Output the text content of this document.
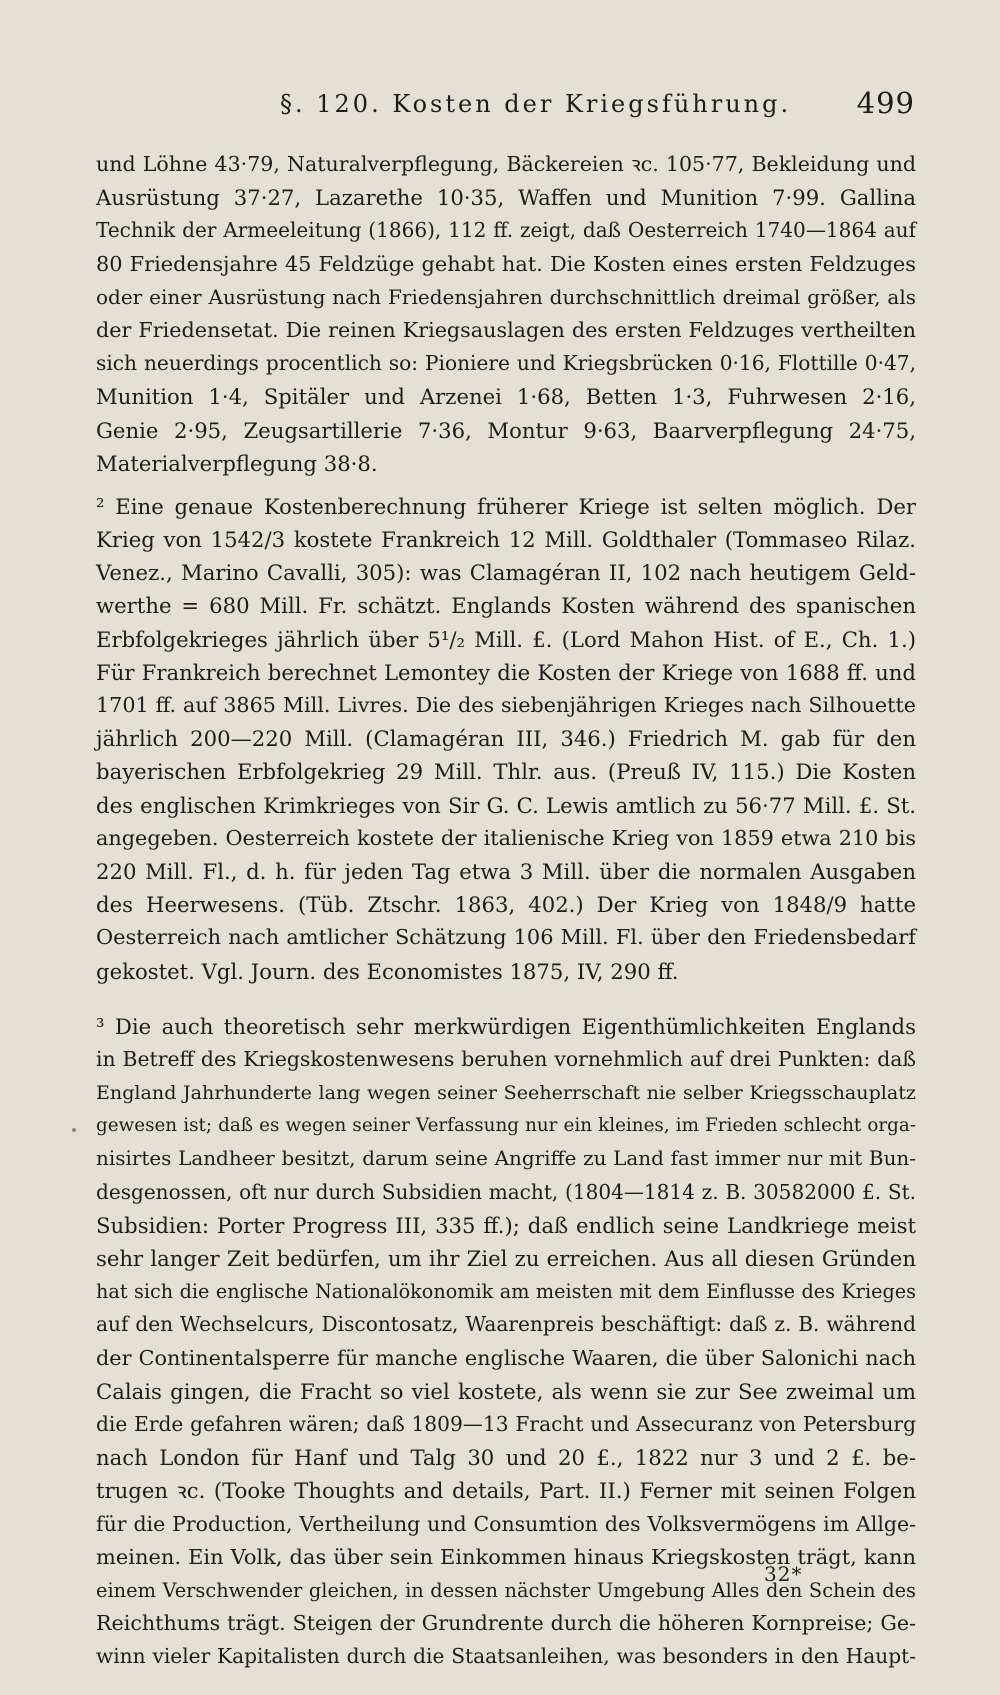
§. 120. Kosten der Kriegsführung. 499
und Löhne 43·79, Naturalverpflegung, Bäckereien ꝛc. 105·77, Bekleidung und
Ausrüstung 37·27, Lazarethe 10·35, Waffen und Munition 7·99. Gallina
Technik der Armeeleitung (1866), 112 ff. zeigt, daß Oesterreich 1740—1864 auf
80 Friedensjahre 45 Feldzüge gehabt hat. Die Kosten eines ersten Feldzuges
oder einer Ausrüstung nach Friedensjahren durchschnittlich dreimal größer, als
der Friedensetat. Die reinen Kriegsauslagen des ersten Feldzuges vertheilten
sich neuerdings procentlich so: Pioniere und Kriegsbrücken 0·16, Flottille 0·47,
Munition 1·4, Spitäler und Arzenei 1·68, Betten 1·3, Fuhrwesen 2·16,
Genie 2·95, Zeugsartillerie 7·36, Montur 9·63, Baarverpflegung 24·75,
Materialverpflegung 38·8.
² Eine genaue Kostenberechnung früherer Kriege ist selten möglich. Der
Krieg von 1542/3 kostete Frankreich 12 Mill. Goldthaler (Tommaseo Rilaz.
Venez., Marino Cavalli, 305): was Clamagéran II, 102 nach heutigem Geld-
werthe = 680 Mill. Fr. schätzt. Englands Kosten während des spanischen
Erbfolgekrieges jährlich über 5¹/₂ Mill. £. (Lord Mahon Hist. of E., Ch. 1.)
Für Frankreich berechnet Lemontey die Kosten der Kriege von 1688 ff. und
1701 ff. auf 3865 Mill. Livres. Die des siebenjährigen Krieges nach Silhouette
jährlich 200—220 Mill. (Clamagéran III, 346.) Friedrich M. gab für den
bayerischen Erbfolgekrieg 29 Mill. Thlr. aus. (Preuß IV, 115.) Die Kosten
des englischen Krimkrieges von Sir G. C. Lewis amtlich zu 56·77 Mill. £. St.
angegeben. Oesterreich kostete der italienische Krieg von 1859 etwa 210 bis
220 Mill. Fl., d. h. für jeden Tag etwa 3 Mill. über die normalen Ausgaben
des Heerwesens. (Tüb. Ztschr. 1863, 402.) Der Krieg von 1848/9 hatte
Oesterreich nach amtlicher Schätzung 106 Mill. Fl. über den Friedensbedarf
gekostet. Vgl. Journ. des Economistes 1875, IV, 290 ff.
³ Die auch theoretisch sehr merkwürdigen Eigenthümlichkeiten Englands
in Betreff des Kriegskostenwesens beruhen vornehmlich auf drei Punkten: daß
England Jahrhunderte lang wegen seiner Seeherrschaft nie selber Kriegsschauplatz
gewesen ist; daß es wegen seiner Verfassung nur ein kleines, im Frieden schlecht orga-
nisirtes Landheer besitzt, darum seine Angriffe zu Land fast immer nur mit Bun-
desgenossen, oft nur durch Subsidien macht, (1804—1814 z. B. 30582000 £. St.
Subsidien: Porter Progress III, 335 ff.); daß endlich seine Landkriege meist
sehr langer Zeit bedürfen, um ihr Ziel zu erreichen. Aus all diesen Gründen
hat sich die englische Nationalökonomik am meisten mit dem Einflusse des Krieges
auf den Wechselcurs, Discontosatz, Waarenpreis beschäftigt: daß z. B. während
der Continentalsperre für manche englische Waaren, die über Salonichi nach
Calais gingen, die Fracht so viel kostete, als wenn sie zur See zweimal um
die Erde gefahren wären; daß 1809—13 Fracht und Assecuranz von Petersburg
nach London für Hanf und Talg 30 und 20 £., 1822 nur 3 und 2 £. be-
trugen ꝛc. (Tooke Thoughts and details, Part. II.) Ferner mit seinen Folgen
für die Production, Vertheilung und Consumtion des Volksvermögens im Allge-
meinen. Ein Volk, das über sein Einkommen hinaus Kriegskosten trägt, kann
einem Verschwender gleichen, in dessen nächster Umgebung Alles den Schein des
Reichthums trägt. Steigen der Grundrente durch die höheren Kornpreise; Ge-
winn vieler Kapitalisten durch die Staatsanleihen, was besonders in den Haupt-
32*
